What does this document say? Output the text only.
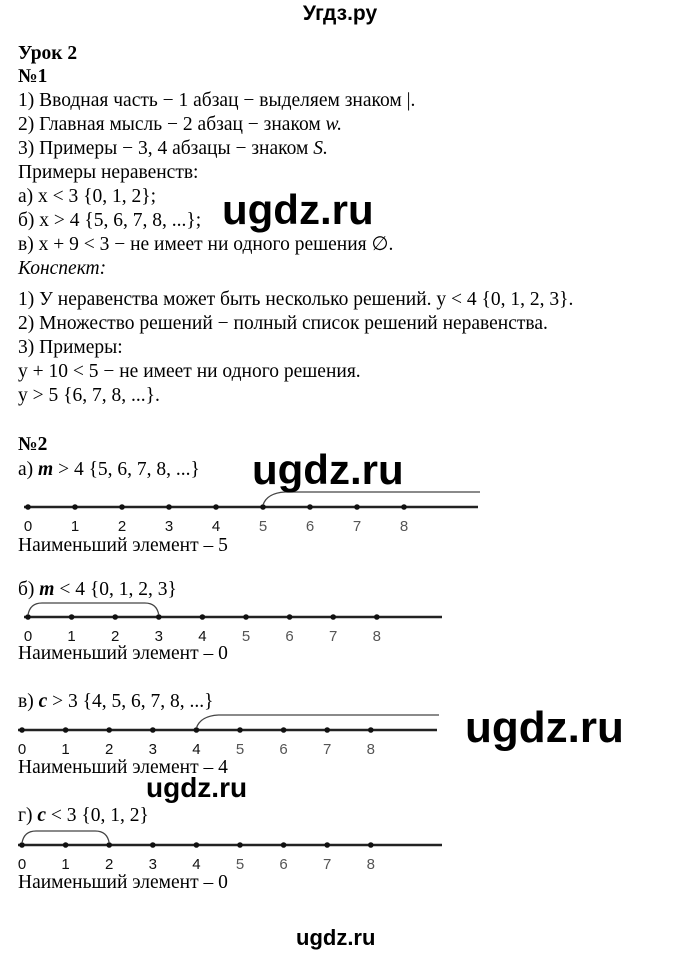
Угдз.ру
Урок 2
№1
1) Вводная часть − 1 абзац − выделяем знаком |.
2) Главная мысль − 2 абзац − знаком w.
3) Примеры − 3, 4 абзацы − знаком S.
Примеры неравенств:
а) x < 3 {0, 1, 2};
б) x > 4 {5, 6, 7, 8, ...};
в) x + 9 < 3 − не имеет ни одного решения ∅.
Конспект:
1) У неравенства может быть несколько решений. y < 4 {0, 1, 2, 3}.
2) Множество решений − полный список решений неравенства.
3) Примеры:
y + 10 < 5 − не имеет ни одного решения.
y > 5 {6, 7, 8, ...}.
№2
а) m > 4 {5, 6, 7, 8, ...}
0	1	2	3	4	5	6	7	8
Наименьший элемент – 5
б) m < 4 {0, 1, 2, 3}
0 1 2 3 4 5 6 7 8
Наименьший элемент – 0
в) c > 3 {4, 5, 6, 7, 8, ...}
0 1 2 3 4 5 6 7 8
Наименьший элемент – 4
г) c < 3 {0, 1, 2}
0 1 2 3 4 5 6 7 8
Наименьший элемент – 0
ugdz.ru
ugdz.ru
ugdz.ru
ugdz.ru
ugdz.ru
